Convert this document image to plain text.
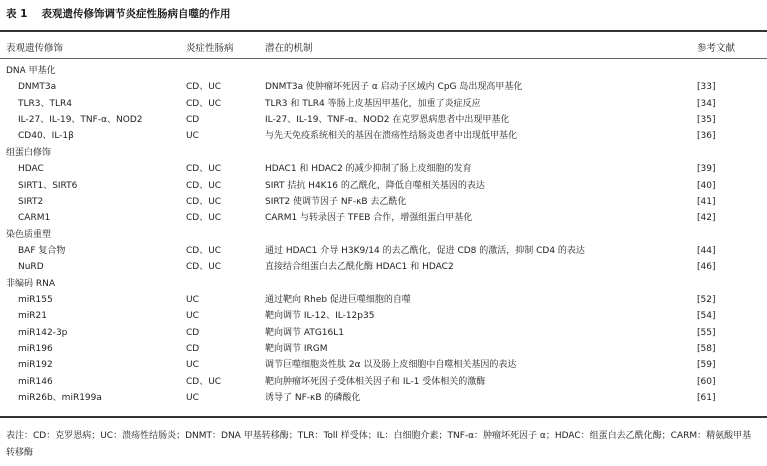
表 1 表观遗传修饰调节炎症性肠病自噬的作用
表观遗传修饰	炎症性肠病	潜在的机制	参考文献
DNA 甲基化
DNMT3a	CD、UC	DNMT3a 使肿瘤坏死因子 α 启动子区域内 CpG 岛出现高甲基化	[33]
TLR3、TLR4	CD、UC	TLR3 和 TLR4 等肠上皮基因甲基化，加重了炎症反应	[34]
IL-27、IL-19、TNF-α、NOD2	CD	IL-27、IL-19、TNF-α、NOD2 在克罗恩病患者中出现甲基化	[35]
CD40、IL-1β	UC	与先天免疫系统相关的基因在溃疡性结肠炎患者中出现低甲基化	[36]
组蛋白修饰
HDAC	CD、UC	HDAC1 和 HDAC2 的减少抑制了肠上皮细胞的发育	[39]
SIRT1、SIRT6	CD、UC	SIRT 拮抗 H4K16 的乙酰化，降低自噬相关基因的表达	[40]
SIRT2	CD、UC	SIRT2 使调节因子 NF-κB 去乙酰化	[41]
CARM1	CD、UC	CARM1 与转录因子 TFEB 合作，增强组蛋白甲基化	[42]
染色质重塑
BAF 复合物	CD、UC	通过 HDAC1 介导 H3K9/14 的去乙酰化，促进 CD8 的激活，抑制 CD4 的表达	[44]
NuRD	CD、UC	直接结合组蛋白去乙酰化酶 HDAC1 和 HDAC2	[46]
非编码 RNA
miR155	UC	通过靶向 Rheb 促进巨噬细胞的自噬	[52]
miR21	UC	靶向调节 IL-12、IL-12p35	[54]
miR142-3p	CD	靶向调节 ATG16L1	[55]
miR196	CD	靶向调节 IRGM	[58]
miR192	UC	调节巨噬细胞炎性肽 2α 以及肠上皮细胞中自噬相关基因的表达	[59]
miR146	CD、UC	靶向肿瘤坏死因子受体相关因子和 IL-1 受体相关的激酶	[60]
miR26b、miR199a	UC	诱导了 NF-κB 的磷酸化	[61]
表注：CD：克罗恩病；UC：溃疡性结肠炎；DNMT：DNA 甲基转移酶；TLR：Toll 样受体；IL：白细胞介素；TNF-α：肿瘤坏死因子 α；HDAC：组蛋白去乙酰化酶；CARM：精氨酸甲基转移酶
